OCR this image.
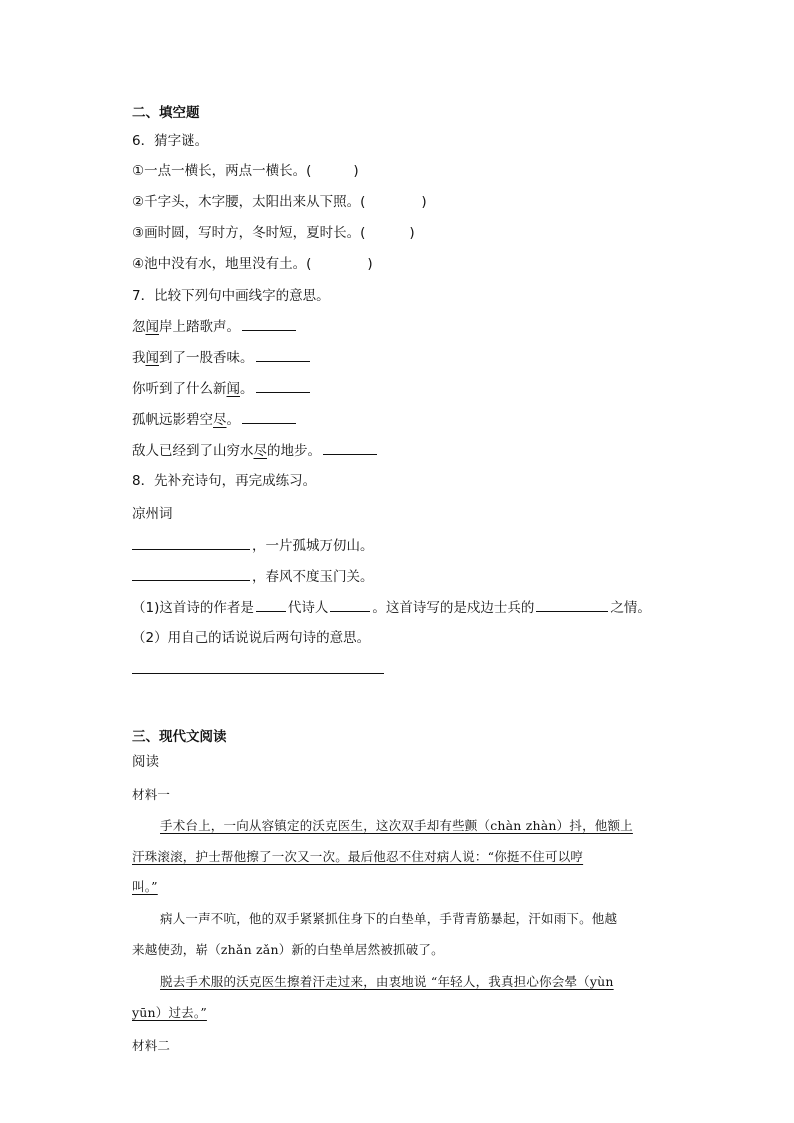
二、填空题
6．猜字谜。
①一点一横长，两点一横长。(	)
②千字头，木字腰，太阳出来从下照。(	)
③画时圆，写时方，冬时短，夏时长。(	)
④池中没有水，地里没有土。(	)
7．比较下列句中画线字的意思。
忽闻岸上踏歌声。
我闻到了一股香味。
你听到了什么新闻。
孤帆远影碧空尽。
敌人已经到了山穷水尽的地步。
8．先补充诗句，再完成练习。
凉州词
，一片孤城万仞山。
，春风不度玉门关。
（1)这首诗的作者是	代诗人	。这首诗写的是戍边士兵的	之情。
（2）用自己的话说说后两句诗的意思。
三、现代文阅读
阅读
材料一
手术台上，一向从容镇定的沃克医生，这次双手却有些颤（chàn zhàn）抖，他额上
汗珠滚滚，护士帮他擦了一次又一次。最后他忍不住对病人说：“你挺不住可以哼
叫。”
病人一声不吭，他的双手紧紧抓住身下的白垫单，手背青筋暴起，汗如雨下。他越
来越使劲，崭（zhǎn zǎn）新的白垫单居然被抓破了。
脱去手术服的沃克医生擦着汗走过来，由衷地说 “年轻人，我真担心你会晕（yùn
yūn）过去。”
材料二
